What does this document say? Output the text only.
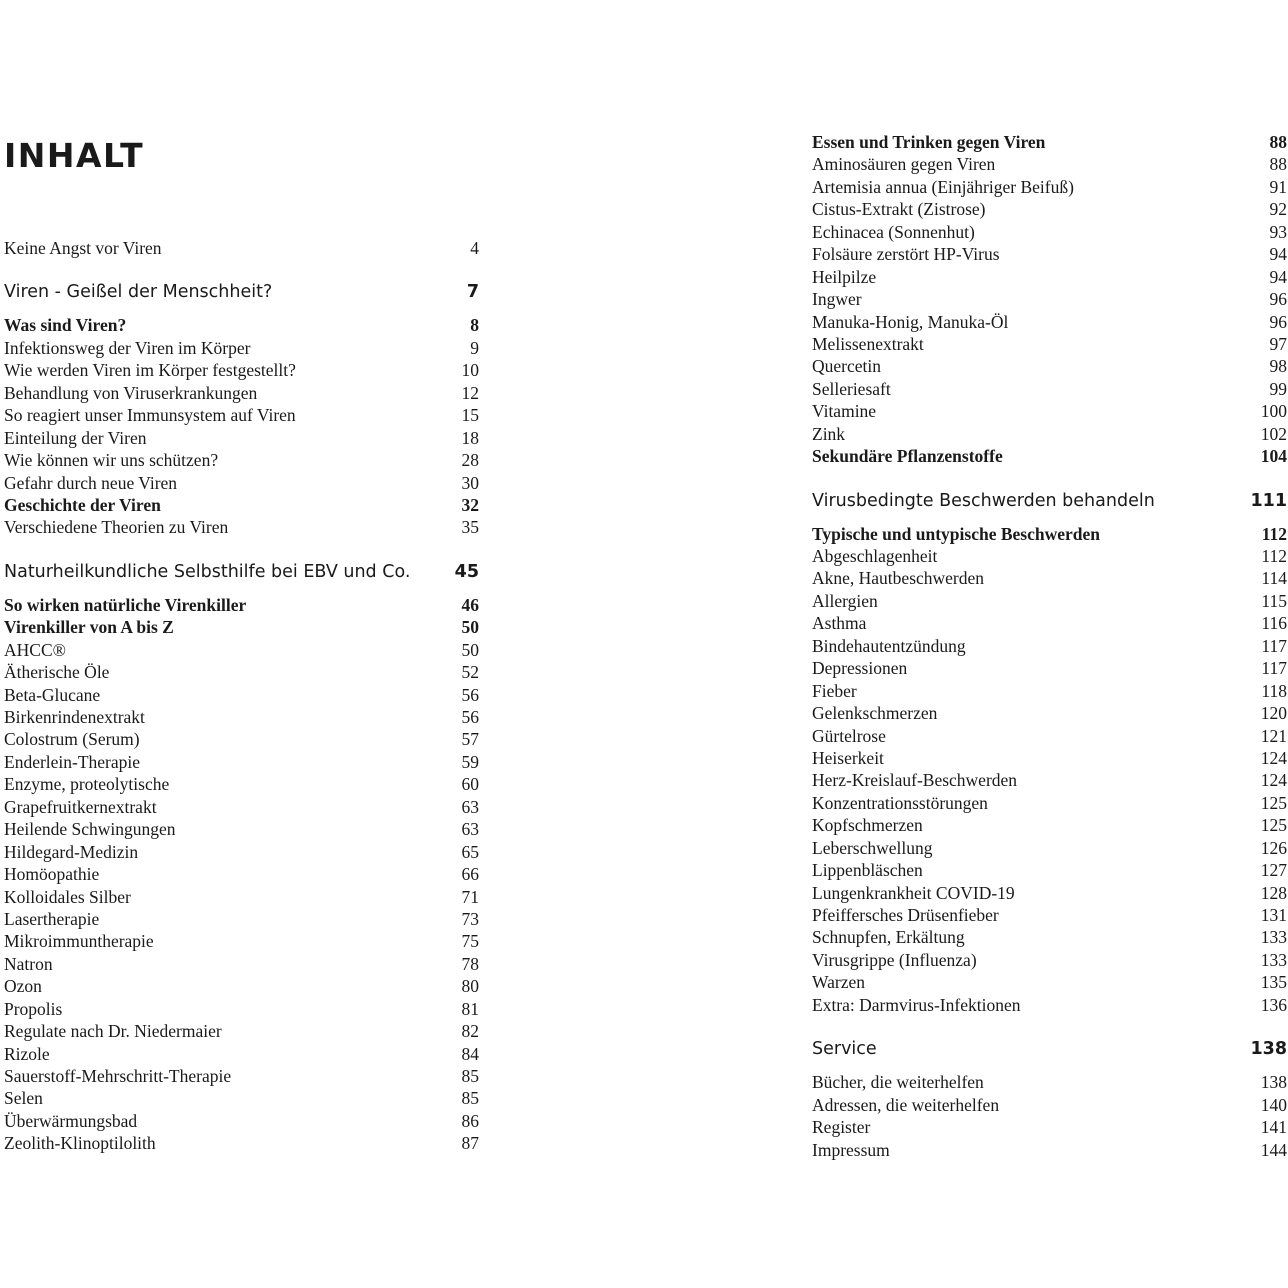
INHALT
Keine Angst vor Viren	4
Viren - Geißel der Menschheit?	7
Was sind Viren?	8
Infektionsweg der Viren im Körper	9
Wie werden Viren im Körper festgestellt?	10
Behandlung von Viruserkrankungen	12
So reagiert unser Immunsystem auf Viren	15
Einteilung der Viren	18
Wie können wir uns schützen?	28
Gefahr durch neue Viren	30
Geschichte der Viren	32
Verschiedene Theorien zu Viren	35
Naturheilkundliche Selbsthilfe bei EBV und Co.	45
So wirken natürliche Virenkiller	46
Virenkiller von A bis Z	50
AHCC®	50
Ätherische Öle	52
Beta-Glucane	56
Birkenrindenextrakt	56
Colostrum (Serum)	57
Enderlein-Therapie	59
Enzyme, proteolytische	60
Grapefruitkernextrakt	63
Heilende Schwingungen	63
Hildegard-Medizin	65
Homöopathie	66
Kolloidales Silber	71
Lasertherapie	73
Mikroimmuntherapie	75
Natron	78
Ozon	80
Propolis	81
Regulate nach Dr. Niedermaier	82
Rizole	84
Sauerstoff-Mehrschritt-Therapie	85
Selen	85
Überwärmungsbad	86
Zeolith-Klinoptilolith	87
Essen und Trinken gegen Viren	88
Aminosäuren gegen Viren	88
Artemisia annua (Einjähriger Beifuß)	91
Cistus-Extrakt (Zistrose)	92
Echinacea (Sonnenhut)	93
Folsäure zerstört HP-Virus	94
Heilpilze	94
Ingwer	96
Manuka-Honig, Manuka-Öl	96
Melissenextrakt	97
Quercetin	98
Selleriesaft	99
Vitamine	100
Zink	102
Sekundäre Pflanzenstoffe	104
Virusbedingte Beschwerden behandeln	111
Typische und untypische Beschwerden	112
Abgeschlagenheit	112
Akne, Hautbeschwerden	114
Allergien	115
Asthma	116
Bindehautentzündung	117
Depressionen	117
Fieber	118
Gelenkschmerzen	120
Gürtelrose	121
Heiserkeit	124
Herz-Kreislauf-Beschwerden	124
Konzentrationsstörungen	125
Kopfschmerzen	125
Leberschwellung	126
Lippenbläschen	127
Lungenkrankheit COVID-19	128
Pfeiffersches Drüsenfieber	131
Schnupfen, Erkältung	133
Virusgrippe (Influenza)	133
Warzen	135
Extra: Darmvirus-Infektionen	136
Service	138
Bücher, die weiterhelfen	138
Adressen, die weiterhelfen	140
Register	141
Impressum	144
